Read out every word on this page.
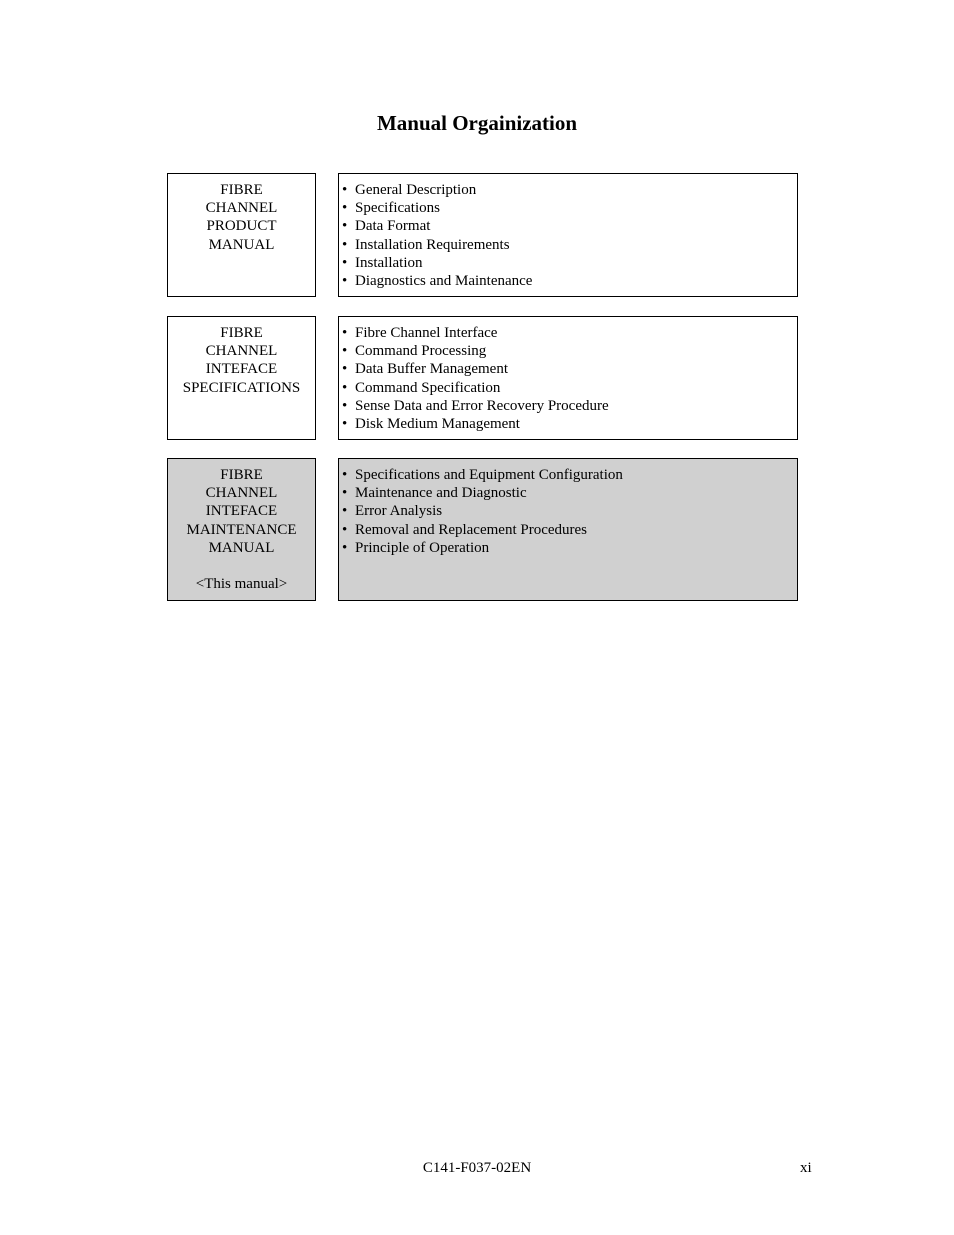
Manual Orgainization
FIBRE
CHANNEL
PRODUCT
MANUAL
• General Description
• Specifications
• Data Format
• Installation Requirements
• Installation
• Diagnostics and Maintenance
FIBRE
CHANNEL
INTEFACE
SPECIFICATIONS
• Fibre Channel Interface
• Command Processing
• Data Buffer Management
• Command Specification
• Sense Data and Error Recovery Procedure
• Disk Medium Management
FIBRE
CHANNEL
INTEFACE
MAINTENANCE
MANUAL
<This manual>
• Specifications and Equipment Configuration
• Maintenance and Diagnostic
• Error Analysis
• Removal and Replacement Procedures
• Principle of Operation
C141-F037-02EN	xi
